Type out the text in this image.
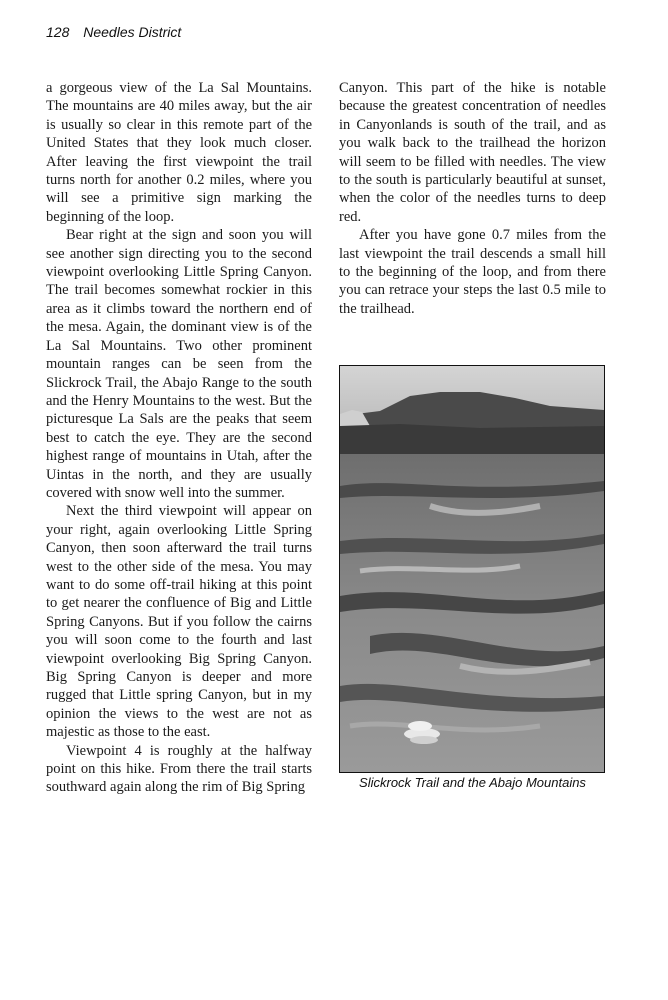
128 Needles District

a gorgeous view of the La Sal Mountains. The mountains are 40 miles away, but the air is usually so clear in this remote part of the United States that they look much closer. After leaving the first viewpoint the trail turns north for another 0.2 miles, where you will see a primitive sign marking the beginning of the loop.

Bear right at the sign and soon you will see another sign directing you to the second viewpoint overlooking Little Spring Canyon. The trail becomes somewhat rockier in this area as it climbs toward the northern end of the mesa. Again, the dominant view is of the La Sal Mountains. Two other prominent mountain ranges can be seen from the Slickrock Trail, the Abajo Range to the south and the Henry Mountains to the west. But the picturesque La Sals are the peaks that seem best to catch the eye. They are the second highest range of mountains in Utah, after the Uintas in the north, and they are usually covered with snow well into the summer.

Next the third viewpoint will appear on your right, again overlooking Little Spring Canyon, then soon afterward the trail turns west to the other side of the mesa. You may want to do some off-trail hiking at this point to get nearer the confluence of Big and Little Spring Canyons. But if you follow the cairns you will soon come to the fourth and last viewpoint overlooking Big Spring Canyon. Big Spring Canyon is deeper and more rugged that Little spring Canyon, but in my opinion the views to the west are not as majestic as those to the east.

Viewpoint 4 is roughly at the halfway point on this hike. From there the trail starts southward again along the rim of Big Spring

Canyon. This part of the hike is notable because the greatest concentration of needles in Canyonlands is south of the trail, and as you walk back to the trailhead the horizon will seem to be filled with needles. The view to the south is particularly beautiful at sunset, when the color of the needles turns to deep red.

After you have gone 0.7 miles from the last viewpoint the trail descends a small hill to the beginning of the loop, and from there you can retrace your steps the last 0.5 mile to the trailhead.

Slickrock Trail and the Abajo Mountains
